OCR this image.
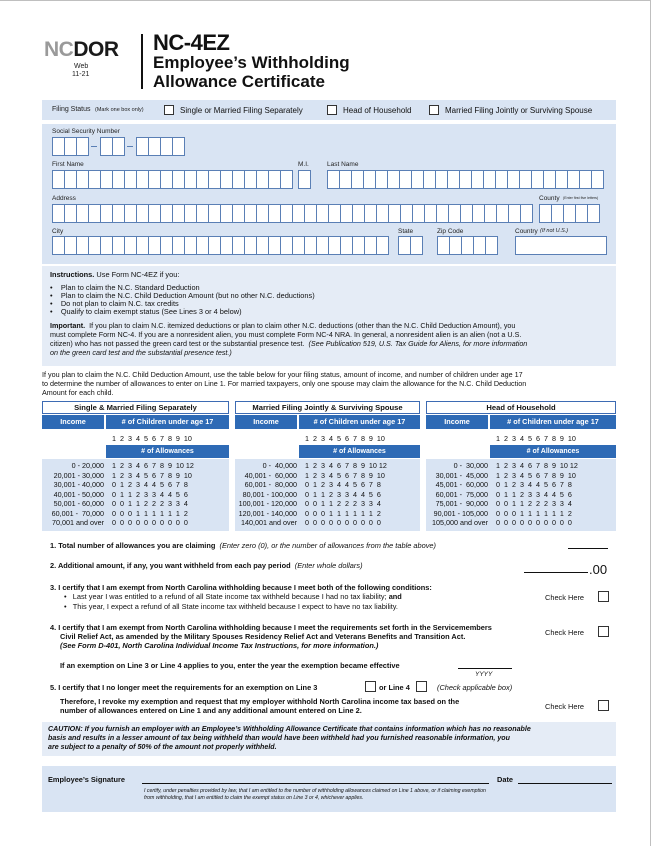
NCDOR
Web
11-21
NC-4EZ
Employee’s Withholding
Allowance Certificate
Filing Status (Mark one box only)	Single or Married Filing Separately	Head of Household	Married Filing Jointly or Surviving Spouse
Social Security Number
First Name	M.I.	Last Name
Address	County (Enter first five letters)
City	State	Zip Code	Country (If not U.S.)
Instructions. Use Form NC-4EZ if you:
•    Plan to claim the N.C. Standard Deduction
•    Plan to claim the N.C. Child Deduction Amount (but no other N.C. deductions)
•    Do not plan to claim N.C. tax credits
•    Qualify to claim exempt status (See Lines 3 or 4 below)
Important. If you plan to claim N.C. itemized deductions or plan to claim other N.C. deductions (other than the N.C. Child Deduction Amount), you
must complete Form NC-4. If you are a nonresident alien, you must complete Form NC-4 NRA. In general, a nonresident alien is an alien (not a U.S.
citizen) who has not passed the green card test or the substantial presence test. (See Publication 519, U.S. Tax Guide for Aliens, for more information
on the green card test and the substantial presence test.)
If you plan to claim the N.C. Child Deduction Amount, use the table below for your filing status, amount of income, and number of children under age 17
to determine the number of allowances to enter on Line 1. For married taxpayers, only one spouse may claim the allowance for the N.C. Child Deduction
Amount for each child.
Single & Married Filing Separately
Income	# of Children under age 17
1  2  3  4  5  6  7  8  9  10
# of Allowances
0 - 20,000 1  2  3  4  6  7  8  9  10 12
20,001 - 30,000 1  2  3  4  5  6  7  8  9  10
30,001 - 40,000 0  1  2  3  4  4  5  6  7  8
40,001 - 50,000 0  1  1  2  3  3  4  4  5  6
50,001 - 60,000 0  0  1  1  2  2  2  3  3  4
60,001 -  70,000 0  0  0  1  1  1  1  1  1  2
70,001 and over 0  0  0  0  0  0  0  0  0  0
Married Filing Jointly & Surviving Spouse
Income	# of Children under age 17
1  2  3  4  5  6  7  8  9  10
# of Allowances
0 -  40,000 1  2  3  4  6  7  8  9  10 12
40,001 -  60,000 1  2  3  4  5  6  7  8  9  10
60,001 -  80,000 0  1  2  3  4  4  5  6  7  8
80,001 - 100,000 0  1  1  2  3  3  4  4  5  6
100,001 - 120,000 0  0  1  1  2  2  2  3  3  4
120,001 - 140,000 0  0  0  1  1  1  1  1  1  2
140,001 and over 0  0  0  0  0  0  0  0  0  0
Head of Household
Income	# of Children under age 17
1  2  3  4  5  6  7  8  9  10
# of Allowances
0 -  30,000 1  2  3  4  6  7  8  9  10 12
30,001 -  45,000 1  2  3  4  5  6  7  8  9  10
45,001 -  60,000 0  1  2  3  4  4  5  6  7  8
60,001 -  75,000 0  1  1  2  3  3  4  4  5  6
75,001 -  90,000 0  0  1  1  2  2  2  3  3  4
90,001 - 105,000 0  0  0  1  1  1  1  1  1  2
105,000 and over 0  0  0  0  0  0  0  0  0  0
1. Total number of allowances you are claiming (Enter zero (0), or the number of allowances from the table above)
2. Additional amount, if any, you want withheld from each pay period (Enter whole dollars)	.00
3. I certify that I am exempt from North Carolina withholding because I meet both of the following conditions:
•   Last year I was entitled to a refund of all State income tax withheld because I had no tax liability; and
•   This year, I expect a refund of all State income tax withheld because I expect to have no tax liability.
Check Here
4. I certify that I am exempt from North Carolina withholding because I meet the requirements set forth in the Servicemembers
Civil Relief Act, as amended by the Military Spouses Residency Relief Act and Veterans Benefits and Transition Act.
(See Form D-401, North Carolina Individual Income Tax Instructions, for more information.)
Check Here
If an exemption on Line 3 or Line 4 applies to you, enter the year the exemption became effective
YYYY
5. I certify that I no longer meet the requirements for an exemption on Line 3	or Line 4	(Check applicable box)
Therefore, I revoke my exemption and request that my employer withhold North Carolina income tax based on the
number of allowances entered on Line 1 and any additional amount entered on Line 2.	Check Here
CAUTION: If you furnish an employer with an Employee’s Withholding Allowance Certificate that contains information which has no reasonable
basis and results in a lesser amount of tax being withheld than would have been withheld had you furnished reasonable information, you
are subject to a penalty of 50% of the amount not properly withheld.
Employee’s Signature	Date
I certify, under penalties provided by law, that I am entitled to the number of withholding allowances claimed on Line 1 above, or if claiming exemption
from withholding, that I am entitled to claim the exempt status on Line 3 or 4, whichever applies.
